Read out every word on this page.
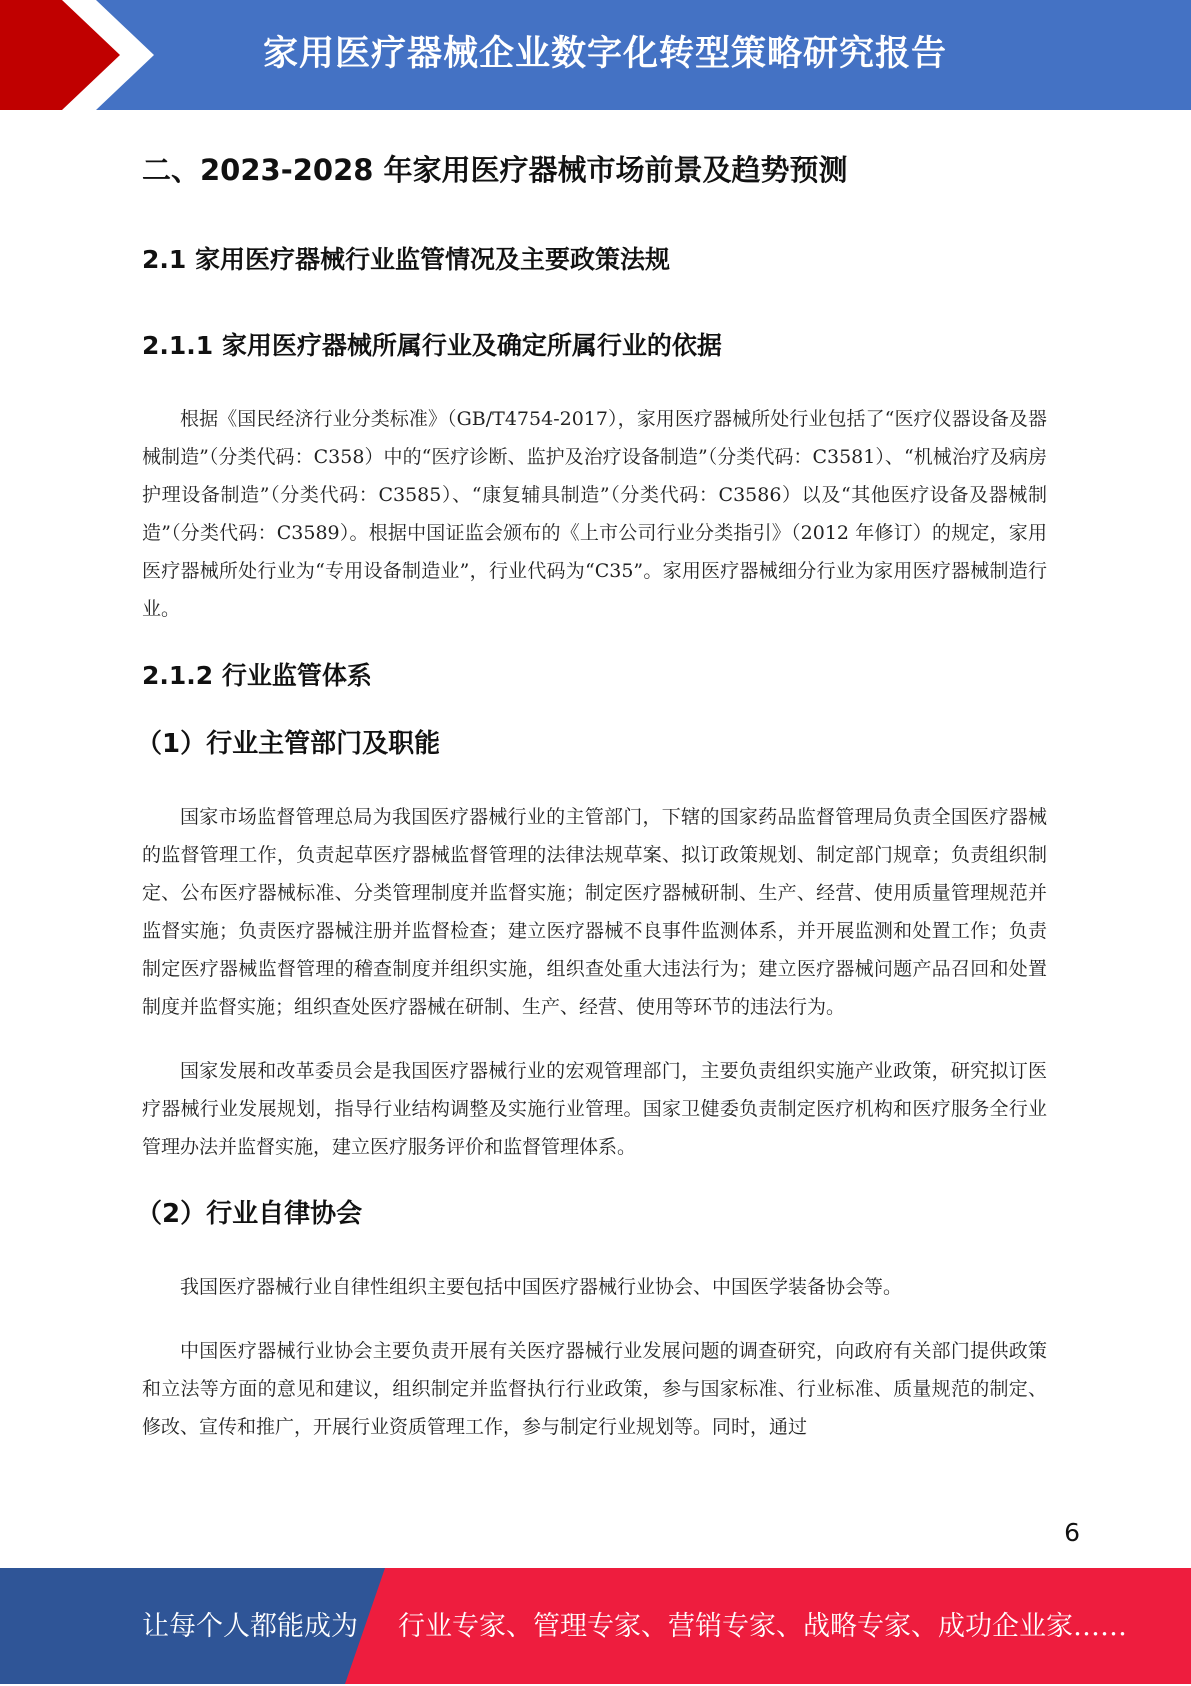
家用医疗器械企业数字化转型策略研究报告
二、2023-2028 年家用医疗器械市场前景及趋势预测
2.1 家用医疗器械行业监管情况及主要政策法规
2.1.1 家用医疗器械所属行业及确定所属行业的依据

根据《国民经济行业分类标准》（GB/T4754-2017），家用医疗器械所处行业包括了“医疗仪器设备及器械制造”（分类代码：C358）中的“医疗诊断、监护及治疗设备制造”（分类代码：C3581）、“机械治疗及病房护理设备制造”（分类代码：C3585）、“康复辅具制造”（分类代码：C3586）以及“其他医疗设备及器械制造”（分类代码：C3589）。根据中国证监会颁布的《上市公司行业分类指引》（2012 年修订）的规定，家用医疗器械所处行业为“专用设备制造业”，行业代码为“C35”。家用医疗器械细分行业为家用医疗器械制造行业。

2.1.2 行业监管体系
（1）行业主管部门及职能

国家市场监督管理总局为我国医疗器械行业的主管部门，下辖的国家药品监督管理局负责全国医疗器械的监督管理工作，负责起草医疗器械监督管理的法律法规草案、拟订政策规划、制定部门规章；负责组织制定、公布医疗器械标准、分类管理制度并监督实施；制定医疗器械研制、生产、经营、使用质量管理规范并监督实施；负责医疗器械注册并监督检查；建立医疗器械不良事件监测体系，并开展监测和处置工作；负责制定医疗器械监督管理的稽查制度并组织实施，组织查处重大违法行为；建立医疗器械问题产品召回和处置制度并监督实施；组织查处医疗器械在研制、生产、经营、使用等环节的违法行为。

国家发展和改革委员会是我国医疗器械行业的宏观管理部门，主要负责组织实施产业政策，研究拟订医疗器械行业发展规划，指导行业结构调整及实施行业管理。国家卫健委负责制定医疗机构和医疗服务全行业管理办法并监督实施，建立医疗服务评价和监督管理体系。

（2）行业自律协会

我国医疗器械行业自律性组织主要包括中国医疗器械行业协会、中国医学装备协会等。

中国医疗器械行业协会主要负责开展有关医疗器械行业发展问题的调查研究，向政府有关部门提供政策和立法等方面的意见和建议，组织制定并监督执行行业政策，参与国家标准、行业标准、质量规范的制定、修改、宣传和推广，开展行业资质管理工作，参与制定行业规划等。同时，通过

6
让每个人都能成为 行业专家、管理专家、营销专家、战略专家、成功企业家……
